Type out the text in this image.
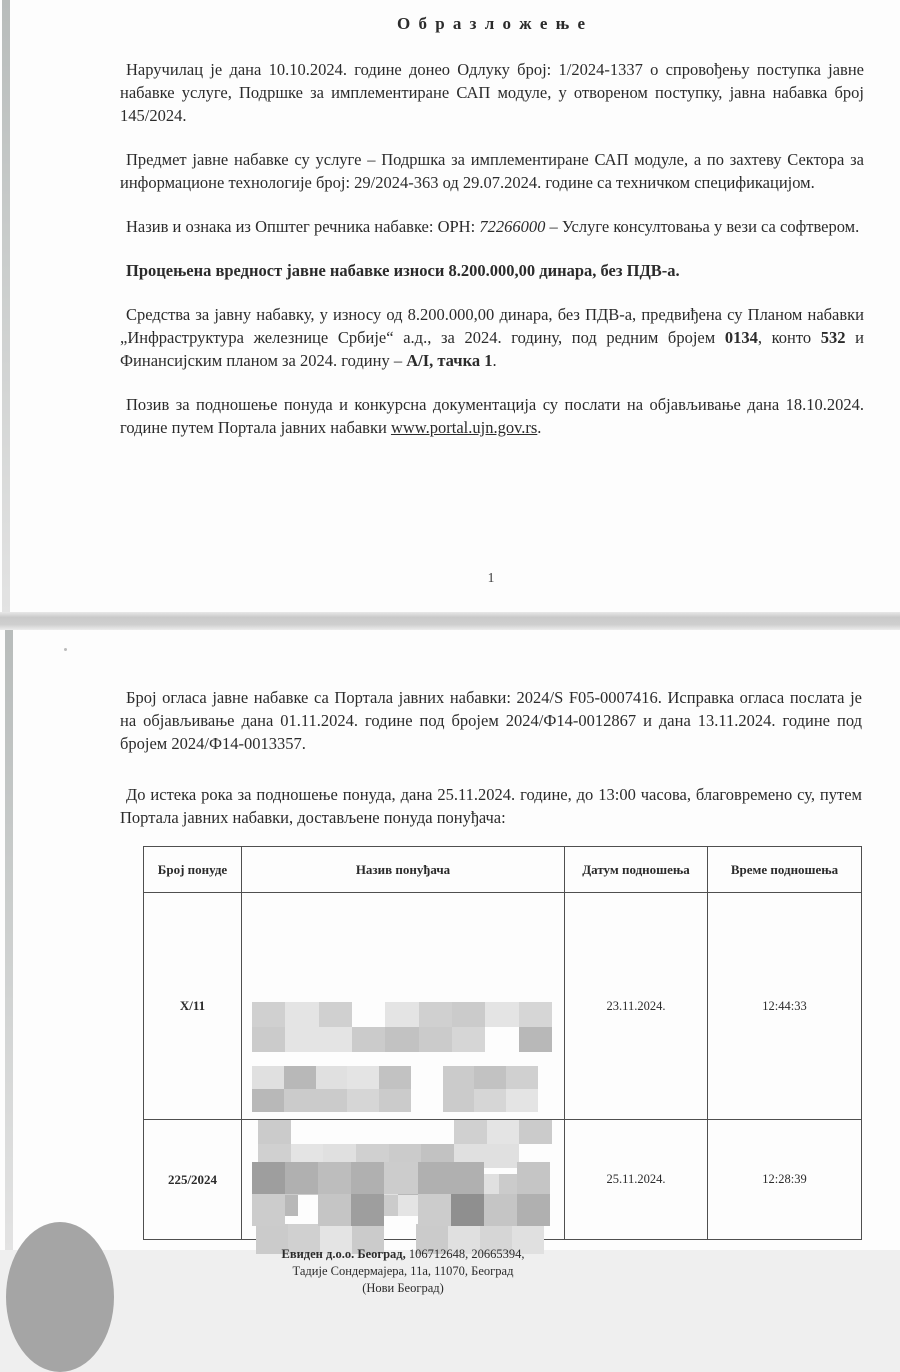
О б р а з л о ж е њ е

Наручилац је дана 10.10.2024. године донео Одлуку број: 1/2024-1337 о спровођењу поступка јавне набавке услуге, Подршке за имплементиране САП модуле, у отвореном поступку, јавна набавка број 145/2024.

Предмет јавне набавке су услуге – Подршка за имплементиране САП модуле, а по захтеву Сектора за информационе технологије број: 29/2024-363 од 29.07.2024. године са техничком спецификацијом.

Назив и ознака из Општег речника набавке: ОРН: 72266000 – Услуге консултовања у вези са софтвером.

Процењена вредност јавне набавке износи 8.200.000,00 динара, без ПДВ-а.

Средства за јавну набавку, у износу од 8.200.000,00 динара, без ПДВ-а, предвиђена су Планом набавки „Инфраструктура железнице Србије“ а.д., за 2024. годину, под редним бројем 0134, конто 532 и Финансијским планом за 2024. годину – А/I, тачка 1.

Позив за подношење понуда и конкурсна документација су послати на објављивање дана 18.10.2024. године путем Портала јавних набавки www.portal.ujn.gov.rs.

1

Број огласа јавне набавке са Портала јавних набавки: 2024/S F05-0007416. Исправка огласа послата је на објављивање дана 01.11.2024. године под бројем 2024/Ф14-0012867 и дана 13.11.2024. године под бројем 2024/Ф14-0013357.

До истека рока за подношење понуда, дана 25.11.2024. године, до 13:00 часова, благовремено су, путем Портала јавних набавки, достављене понуда понуђача:

Број понуде	Назив понуђача	Датум подношења	Време подношења
Х/11		23.11.2024.	12:44:33
225/2024	Евиден д.о.о. Београд, 106712648, 20665394,
Тадије Сондермајера, 11а, 11070, Београд
(Нови Београд)	25.11.2024.	12:28:39
